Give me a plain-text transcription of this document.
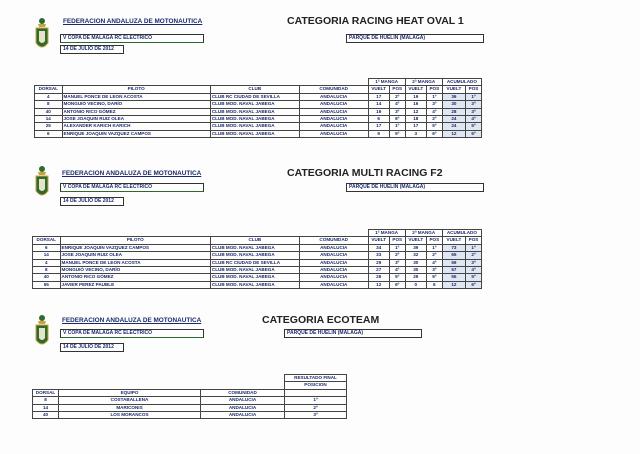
FEDERACION ANDALUZA DE MOTONAUTICA	CATEGORIA RACING HEAT OVAL 1
V COPA DE MALAGA RC ELECTRICO	PARQUE DE HUELIN (MALAGA)
14 DE JULIO DE 2012
				1ª MANGA		2ª MANGA		ACUMULADO	
DORSAL	PILOTO	CLUB	COMUNIDAD	VUELT	POS	VUELT	POS	VUELT	POS
4	MANUEL PONCE DE LEON ACOSTA	CLUB RC CIUDAD DE SEVILLA	ANDALUCIA	17	2º	19	1º	36	1º
8	MONGUIÓ VECINO, DARÍO	CLUB MOD. NAVAL JABEGA	ANDALUCIA	14	4º	16	3º	30	3º
40	ANTONIO RICO GÓMEZ	CLUB MOD. NAVAL JABEGA	ANDALUCIA	16	3º	12	4º	28	3º
14	JOSE JOAQUIN RUIZ OLEA	CLUB MOD. NAVAL JABEGA	ANDALUCIA	6	6º	18	2º	24	4º
25	ALEXANDER KARICH KARICH	CLUB MOD. NAVAL JABEGA	ANDALUCIA	17	1º	17	5º	24	5º
6	ENRIQUE JOAQUIN VAZQUEZ CAMPOS	CLUB MOD. NAVAL JABEGA	ANDALUCIA	9	5º	3	6º	12	6º
FEDERACION ANDALUZA DE MOTONAUTICA	CATEGORIA MULTI RACING F2
V COPA DE MALAGA RC ELECTRICO	PARQUE DE HUELIN (MALAGA)
14 DE JULIO DE 2012
				1ª MANGA		2ª MANGA		ACUMULADO	
DORSAL	PILOTO	CLUB	COMUNIDAD	VUELT	POS	VUELT	POS	VUELT	POS
6	ENRIQUE JOAQUIN VAZQUEZ CAMPOS	CLUB MOD. NAVAL JABEGA	ANDALUCIA	34	1º	39	1º	73	1º
14	JOSE JOAQUIN RUIZ OLEA	CLUB MOD. NAVAL JABEGA	ANDALUCIA	33	2º	32	2º	65	2º
4	MANUEL PONCE DE LEON ACOSTA	CLUB RC CIUDAD DE SEVILLA	ANDALUCIA	29	3º	30	4º	59	3º
8	MONGUIÓ VECINO, DARÍO	CLUB MOD. NAVAL JABEGA	ANDALUCIA	27	4º	30	3º	57	4º
40	ANTONIO RICO GÓMEZ	CLUB MOD. NAVAL JABEGA	ANDALUCIA	26	5º	29	5º	55	5º
55	JAVIER PEREZ PAUBLE	CLUB MOD. NAVAL JABEGA	ANDALUCIA	12	6º	0	6	12	6º
FEDERACION ANDALUZA DE MOTONAUTICA	CATEGORIA ECOTEAM
V COPA DE MALAGA RC ELECTRICO	PARQUE DE HUELIN (MALAGA)
14 DE JULIO DE 2012
			RESULTADO FINAL
			POSICION
DORSAL	EQUIPO	COMUNIDAD	
8	COSTABALLENA	ANDALUCIA	1º
14	MARICONIS	ANDALUCIA	2º
40	LOS MORANCOS	ANDALUCIA	3º
